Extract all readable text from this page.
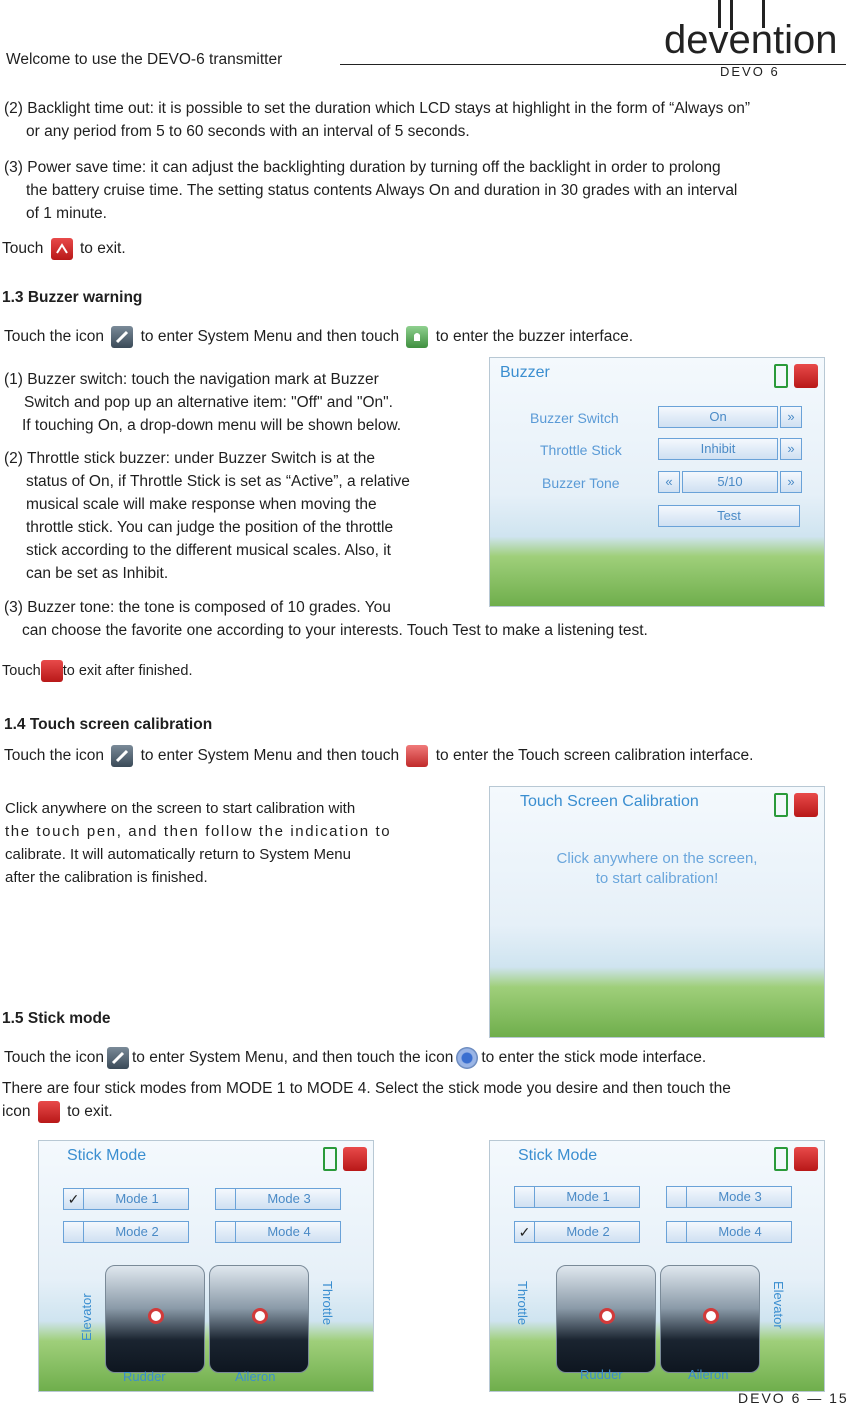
Welcome to use the DEVO-6 transmitter	devention
DEVO 6

(2) Backlight time out: it is possible to set the duration which LCD stays at highlight in the form of “Always on”

or any period from 5 to 60 seconds with an interval of 5 seconds.

(3) Power save time: it can adjust the backlighting duration by turning off the backlight in order to prolong

the battery cruise time. The setting status contents Always On and duration in 30 grades with an interval

of 1 minute.

Touch to exit.

1.3 Buzzer warning

Touch the icon to enter System Menu and then touch to enter the buzzer interface.

(1) Buzzer switch: touch the navigation mark at Buzzer

Switch and pop up an alternative item: "Off" and "On".

If touching On, a drop-down menu will be shown below.

(2) Throttle stick buzzer: under Buzzer Switch is at the

status of On, if Throttle Stick is set as “Active”, a relative

musical scale will make response when moving the

throttle stick. You can judge the position of the throttle

stick according to the different musical scales. Also, it

can be set as Inhibit.

(3) Buzzer tone: the tone is composed of 10 grades. You

can choose the favorite one according to your interests. Touch Test to make a listening test.

Touch to exit after finished.

Buzzer
Buzzer Switch	On	»
Throttle Stick	Inhibit	»
Buzzer Tone	«	5/10	»
Test
1.4 Touch screen calibration

Touch the icon to enter System Menu and then touch to enter the Touch screen calibration interface.

Click anywhere on the screen to start calibration with

the touch pen, and then follow the indication to

calibrate. It will automatically return to System Menu

after the calibration is finished.

Touch Screen Calibration
Click anywhere on the screen,
to start calibration!
1.5 Stick mode

Touch the icon to enter System Menu, and then touch the icon to enter the stick mode interface.

There are four stick modes from MODE 1 to MODE 4. Select the stick mode you desire and then touch the

icon to exit.

Stick Mode
✓	Mode 1	Mode 3
Mode 2	Mode 4
Elevator	Throttle
Rudder	Aileron
Stick Mode
Mode 1	Mode 3
✓	Mode 2	Mode 4
Throttle	Elevator
Rudder	Aileron
DEVO 6 — 15
